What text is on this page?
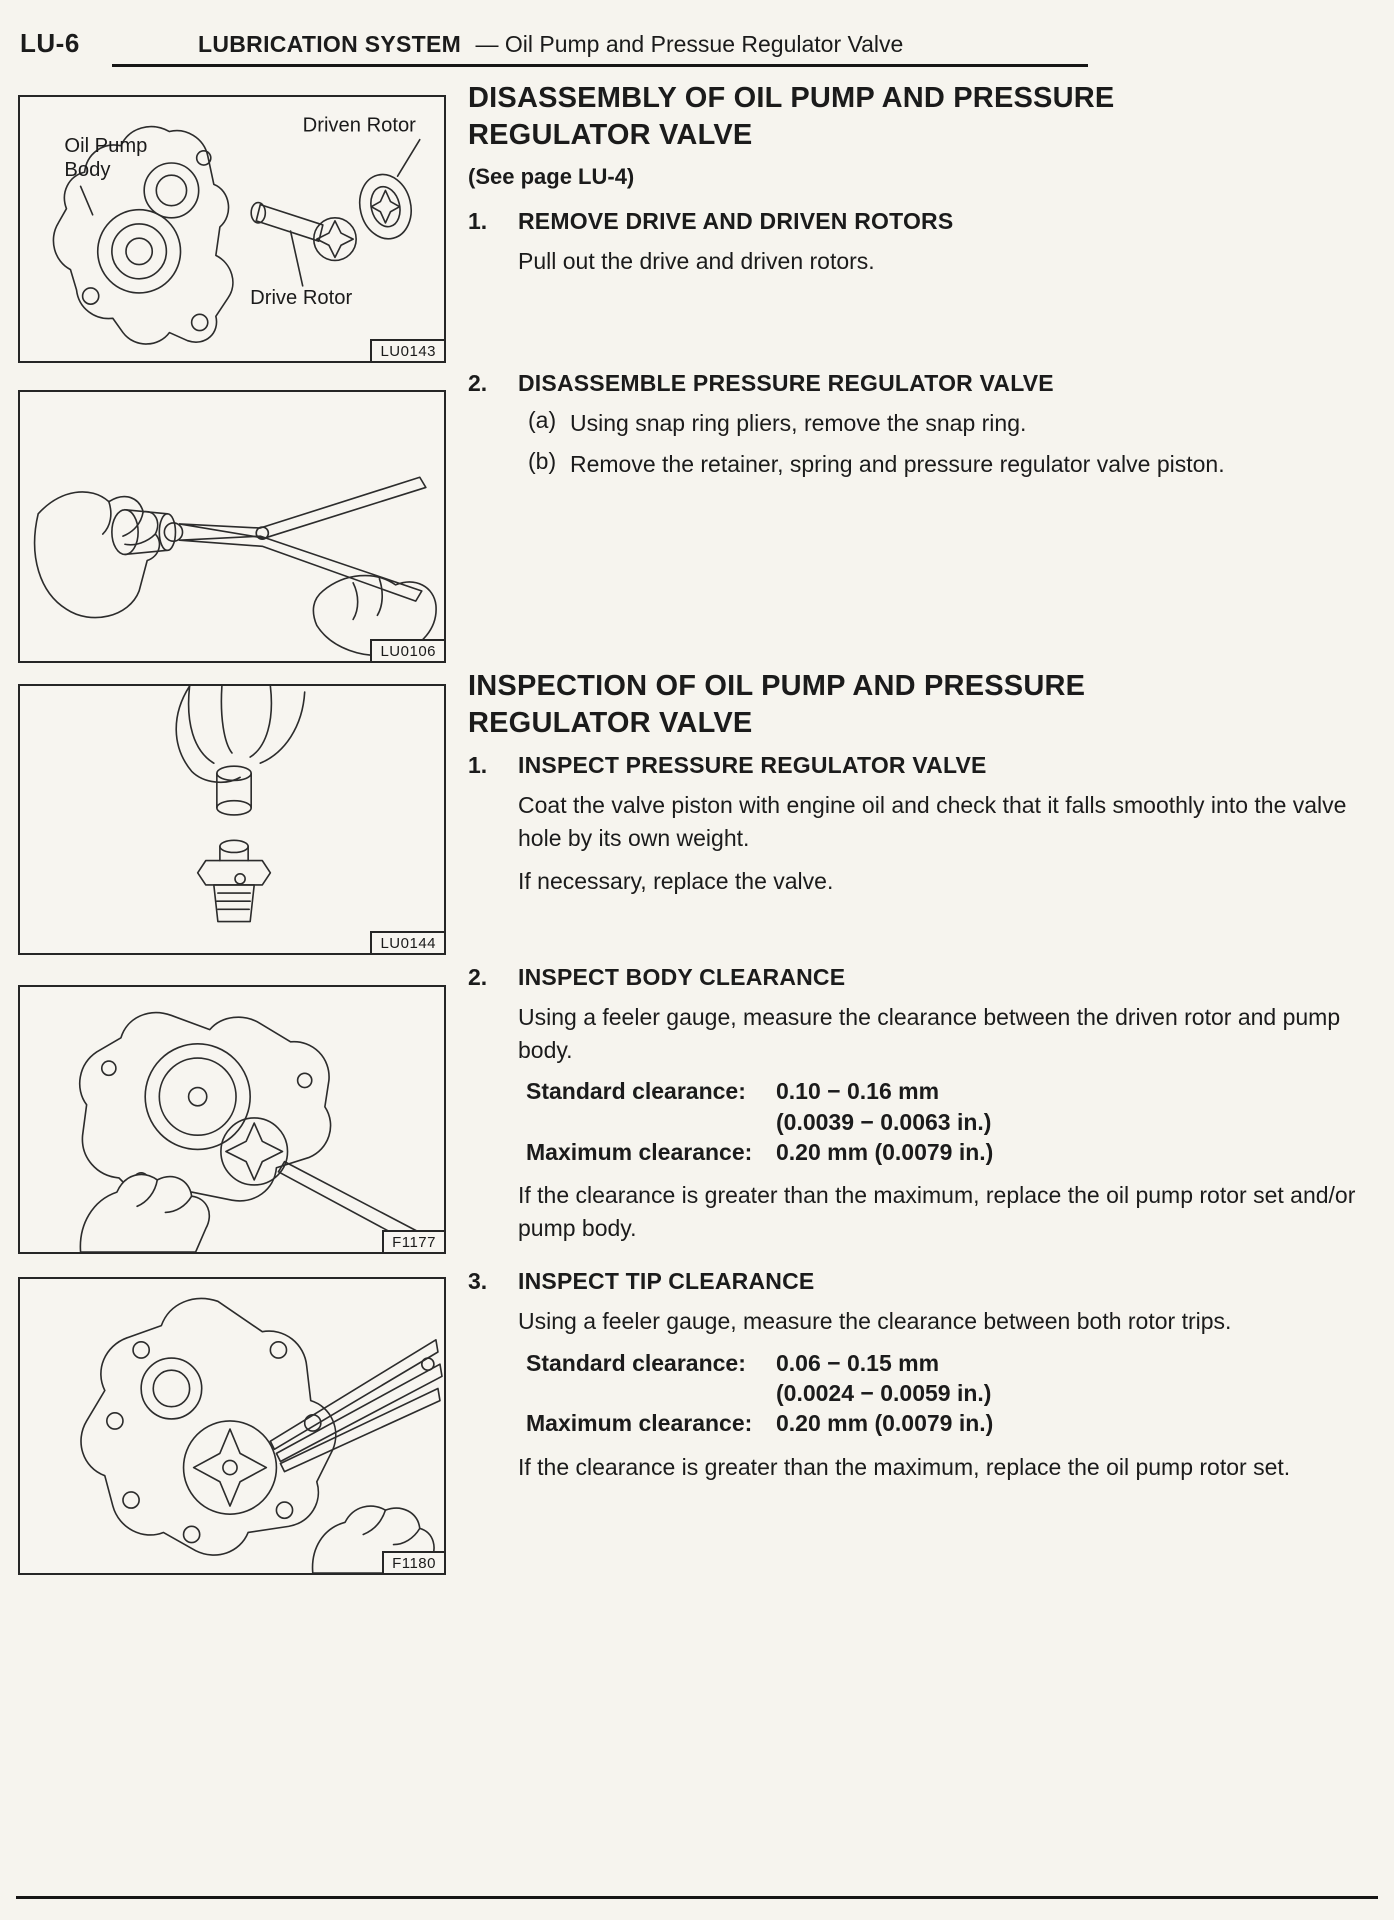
LU-6	LUBRICATION SYSTEM — Oil Pump and Pressue Regulator Valve
Driven Rotor
Oil Pump
Body
Drive Rotor
LU0143
LU0106
LU0144
F1177
F1180
DISASSEMBLY OF OIL PUMP AND PRESSURE REGULATOR VALVE
(See page LU-4)
1.	REMOVE DRIVE AND DRIVEN ROTORS

Pull out the drive and driven rotors.

2.	DISASSEMBLE PRESSURE REGULATOR VALVE
(a) Using snap ring pliers, remove the snap ring.

(b) Remove the retainer, spring and pressure regulator valve piston.

INSPECTION OF OIL PUMP AND PRESSURE REGULATOR VALVE
1.	INSPECT PRESSURE REGULATOR VALVE

Coat the valve piston with engine oil and check that it falls smoothly into the valve hole by its own weight.

If necessary, replace the valve.

2.	INSPECT BODY CLEARANCE

Using a feeler gauge, measure the clearance between the driven rotor and pump body.

Standard clearance:	0.10 − 0.16 mm
(0.0039 − 0.0063 in.)
Maximum clearance:	0.20 mm (0.0079 in.)

If the clearance is greater than the maximum, replace the oil pump rotor set and/or pump body.

3.	INSPECT TIP CLEARANCE

Using a feeler gauge, measure the clearance between both rotor trips.

Standard clearance:	0.06 − 0.15 mm
(0.0024 − 0.0059 in.)
Maximum clearance:	0.20 mm (0.0079 in.)

If the clearance is greater than the maximum, replace the oil pump rotor set.
